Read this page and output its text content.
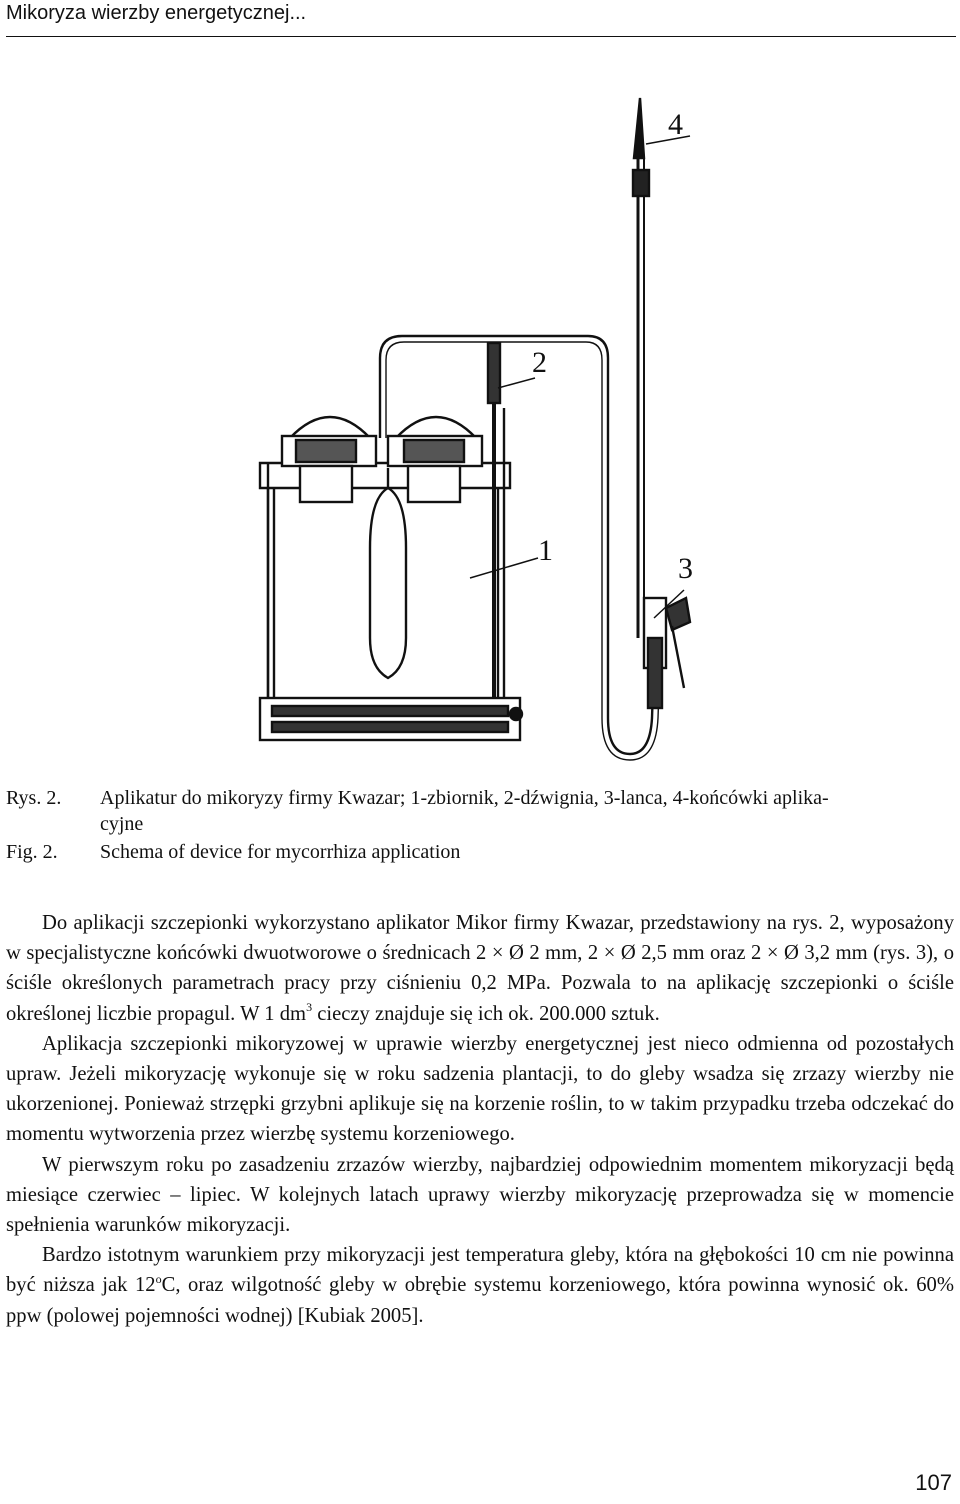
Mikoryza wierzby energetycznej...
4
2
1
3
Rys. 2. Aplikatur do mikoryzy firmy Kwazar; 1-zbiornik, 2-dźwignia, 3-lanca, 4-końcówki aplika-
cyjne
Fig. 2. Schema of device for mycorrhiza application

Do aplikacji szczepionki wykorzystano aplikator Mikor firmy Kwazar, przedstawiony na rys. 2, wyposażony w specjalistyczne końcówki dwuotworowe o średnicach 2 × Ø 2 mm, 2 × Ø 2,5 mm oraz 2 × Ø 3,2 mm (rys. 3), o ściśle określonych parametrach pracy przy ciśnieniu 0,2 MPa. Pozwala to na aplikację szczepionki o ściśle określonej liczbie propagul. W 1 $dm^3$ cieczy znajduje się ich ok. 200.000 sztuk.

Aplikacja szczepionki mikoryzowej w uprawie wierzby energetycznej jest nieco odmienna od pozostałych upraw. Jeżeli mikoryzację wykonuje się w roku sadzenia plantacji, to do gleby wsadza się zrzazy wierzby nie ukorzenionej. Ponieważ strzępki grzybni aplikuje się na korzenie roślin, to w takim przypadku trzeba odczekać do momentu wytworzenia przez wierzbę systemu korzeniowego.

W pierwszym roku po zasadzeniu zrzazów wierzby, najbardziej odpowiednim momentem mikoryzacji będą miesiące czerwiec – lipiec. W kolejnych latach uprawy wierzby mikoryzację przeprowadza się w momencie spełnienia warunków mikoryzacji.

Bardzo istotnym warunkiem przy mikoryzacji jest temperatura gleby, która na głębokości 10 cm nie powinna być niższa jak 12$^o$C, oraz wilgotność gleby w obrębie systemu korzeniowego, która powinna wynosić ok. 60% ppw (polowej pojemności wodnej) [Kubiak 2005].

107
